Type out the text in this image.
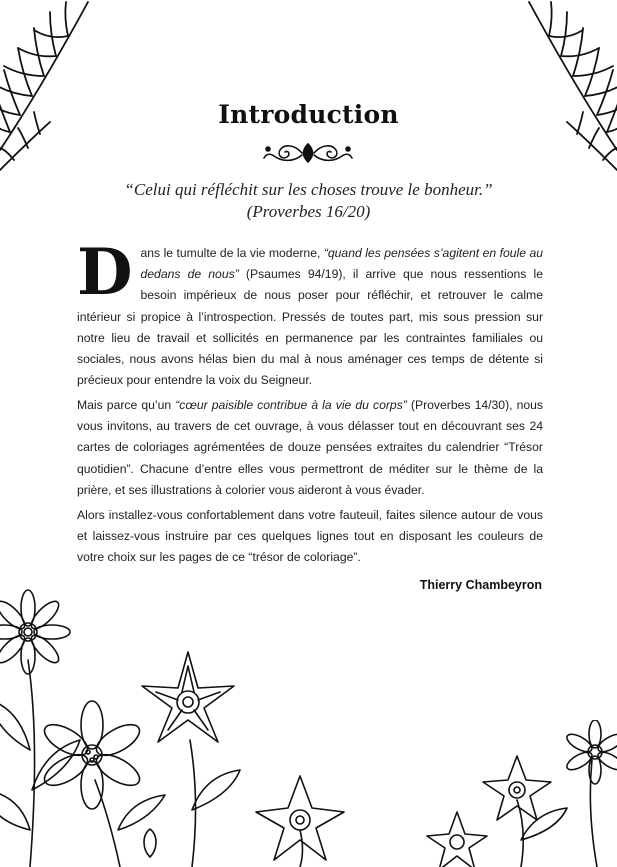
Introduction
“Celui qui réfléchit sur les choses trouve le bonheur.”
(Proverbes 16/20)

Dans le tumulte de la vie moderne, “quand les pensées s’agitent en foule au dedans de nous” (Psaumes 94/19), il arrive que nous ressentions le besoin impérieux de nous poser pour réfléchir, et retrouver le calme intérieur si propice à l’introspection. Pressés de toutes part, mis sous pression sur notre lieu de travail et sollicités en permanence par les contraintes familiales ou sociales, nous avons hélas bien du mal à nous aménager ces temps de détente si précieux pour entendre la voix du Seigneur.

Mais parce qu’un “cœur paisible contribue à la vie du corps” (Proverbes 14/30), nous vous invitons, au travers de cet ouvrage, à vous délasser tout en découvrant ses 24 cartes de coloriages agrémentées de douze pensées extraites du calendrier “Trésor quotidien”. Chacune d’entre elles vous permettront de méditer sur le thème de la prière, et ses illustrations à colorier vous aideront à vous évader.

Alors installez-vous confortablement dans votre fauteuil, faites silence autour de vous et laissez-vous instruire par ces quelques lignes tout en disposant les couleurs de votre choix sur les pages de ce “trésor de coloriage”.

Thierry Chambeyron
